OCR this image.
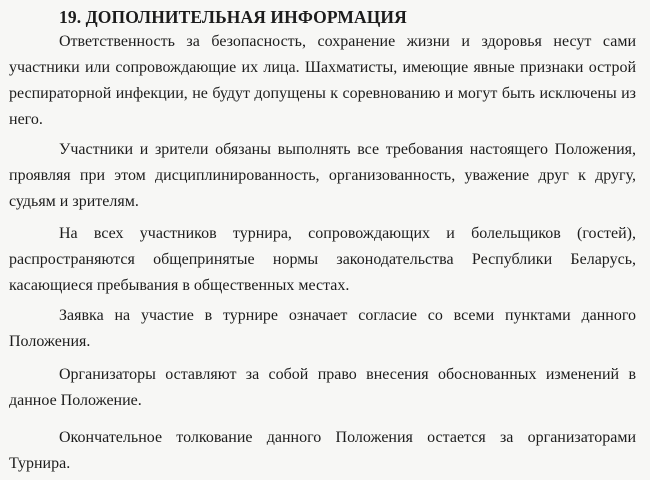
19. ДОПОЛНИТЕЛЬНАЯ ИНФОРМАЦИЯ

Ответственность за безопасность, сохранение жизни и здоровья несут сами участники или сопровождающие их лица. Шахматисты, имеющие явные признаки острой респираторной инфекции, не будут допущены к соревнованию и могут быть исключены из него.

Участники и зрители обязаны выполнять все требования настоящего Положения, проявляя при этом дисциплинированность, организованность, уважение друг к другу, судьям и зрителям.

На всех участников турнира, сопровождающих и болельщиков (гостей), распространяются общепринятые нормы законодательства Республики Беларусь, касающиеся пребывания в общественных местах.

Заявка на участие в турнире означает согласие со всеми пунктами данного Положения.

Организаторы оставляют за собой право внесения обоснованных изменений в данное Положение.

Окончательное толкование данного Положения остается за организаторами Турнира.
